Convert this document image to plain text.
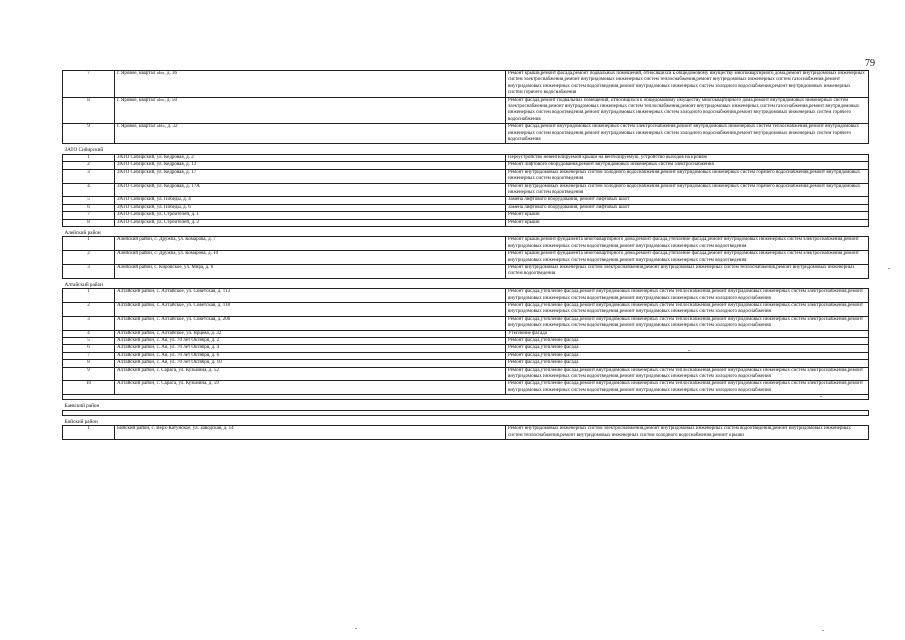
79
7	г. Яровое, квартал «Б», д. 36	Ремонт крыши,ремонт фасада,ремонт подвальных помещений, относящихся к общедомовому имуществу многоквартирного дома,ремонт внутридомовых инженерных систем электроснабжения,ремонт внутридомовых инженерных систем теплоснабжения,ремонт внутридомовых инженерных систем газоснабжения,ремонт внутридомовых инженерных систем водоотведения,ремонт внутридомовых инженерных систем холодного водоснабжения,ремонт внутридомовых инженерных систем горячего водоснабжения
8	г. Яровое, квартал «Б», д. 50	Ремонт фасада,ремонт подвальных помещений, относящихся к общедомовому имуществу многоквартирного дома,ремонт внутридомовых инженерных систем электроснабжения,ремонт внутридомовых инженерных систем теплоснабжения,ремонт внутридомовых инженерных систем газоснабжения,ремонт внутридомовых инженерных систем водоотведения,ремонт внутридомовых инженерных систем холодного водоснабжения,ремонт внутридомовых инженерных систем горячего водоснабжения
9	г. Яровое, квартал «В», д. 32	Ремонт фасада,ремонт внутридомовых инженерных систем электроснабжения,ремонт внутридомовых инженерных систем теплоснабжения,ремонт внутридомовых инженерных систем водоотведения,ремонт внутридомовых инженерных систем холодного водоснабжения,ремонт внутридомовых инженерных систем горячего водоснабжения
ЗАТО Сибирский		
1	ЗАТО Сибирский, ул. Кедровая, д. 2	Переустройство невентилируемой крыши на вентилируемую, устройство выходов на кровлю
2	ЗАТО Сибирский, ул. Кедровая, д. 13	Ремонт лифтового оборудования,ремонт внутридомовых инженерных систем электроснабжения
3	ЗАТО Сибирский, ул. Кедровая, д. 17	Ремонт внутридомовых инженерных систем холодного водоснабжения,ремонт внутридомовых инженерных систем горячего водоснабжения,ремонт внутридомовых инженерных систем водоотведения
4	ЗАТО Сибирский, ул. Кедровая, д. 17А	Ремонт внутридомовых инженерных систем холодного водоснабжения,ремонт внутридомовых инженерных систем горячего водоснабжения,ремонт внутридомовых инженерных систем водоотведения
5	ЗАТО Сибирский, ул. Победы, д. 4	Замена лифтового оборудования, ремонт лифтовых шахт
6	ЗАТО Сибирский, ул. Победы, д. 6	Замена лифтового оборудования, ремонт лифтовых шахт
7	ЗАТО Сибирский, ул. Строителей, д. 1	Ремонт крыши
8	ЗАТО Сибирский, ул. Строителей, д. 2	Ремонт крыши
Алейский район		
1	Алейский район, с. Дружба, ул. Комарова, д. 7	Ремонт крыши,ремонт фундамента многоквартирного дома,ремонт фасада,утепление фасада,ремонт внутридомовых инженерных систем электроснабжения,ремонт внутридомовых инженерных систем водоотведения,ремонт внутридомовых инженерных систем водоотведения
2	Алейский район, с. Дружба, ул. Комарова, д. 10	Ремонт крыши,ремонт фундамента многоквартирного дома,ремонт фасада,утепление фасада,ремонт внутридомовых инженерных систем электроснабжения,ремонт внутридомовых инженерных систем водоотведения,ремонт внутридомовых инженерных систем водоотведения
3	Алейский район, с. Кировское, ул. Мира, д. 6	Ремонт внутридомовых инженерных систем электроснабжения,ремонт внутридомовых инженерных систем теплоснабжения,ремонт внутридомовых инженерных систем водоотведения
Алтайский район		
1	Алтайский район, с. Алтайское, ул. Советская, д. 113	Ремонт фасада,утепление фасада,ремонт внутридомовых инженерных систем теплоснабжения,ремонт внутридомовых инженерных систем электроснабжения,ремонт внутридомовых инженерных систем водоотведения,ремонт внутридомовых инженерных систем холодного водоснабжения
2	Алтайский район, с. Алтайское, ул. Советская, д. 118	Ремонт фасада,утепление фасада,ремонт внутридомовых инженерных систем теплоснабжения,ремонт внутридомовых инженерных систем электроснабжения,ремонт внутридомовых инженерных систем водоотведения,ремонт внутридомовых инженерных систем холодного водоснабжения
3	Алтайский район, с. Алтайское, ул. Советская, д. 200	Ремонт фасада,утепление фасада,ремонт внутридомовых инженерных систем теплоснабжения,ремонт внутридомовых инженерных систем электроснабжения,ремонт внутридомовых инженерных систем водоотведения,ремонт внутридомовых инженерных систем холодного водоснабжения
4	Алтайский район, с. Алтайское, ул. Ярцева, д. 32	Утепление фасада
5	Алтайский район, с. Ая, ул. 70 лет Октября, д. 2	Ремонт фасада,утепление фасада
6	Алтайский район, с. Ая, ул. 70 лет Октября, д. 4	Ремонт фасада,утепление фасада
7	Алтайский район, с. Ая, ул. 70 лет Октября, д. 6	Ремонт фасада,утепление фасада
8	Алтайский район, с. Ая, ул. 70 лет Октября, д. 10	Ремонт фасада,утепление фасада
9	Алтайский район, с. Сараса, ул. Кузьмина, д. 52	Ремонт фасада,утепление фасада,ремонт внутридомовых инженерных систем теплоснабжения,ремонт внутридомовых инженерных систем электроснабжения,ремонт внутридомовых инженерных систем водоотведения,ремонт внутридомовых инженерных систем холодного водоснабжения
10	Алтайский район, с. Сараса, ул. Кузьмина, д. 59	Ремонт фасада,утепление фасада,ремонт внутридомовых инженерных систем теплоснабжения,ремонт внутридомовых инженерных систем электроснабжения,ремонт внутридомовых инженерных систем водоотведения,ремонт внутридомовых инженерных систем холодного водоснабжения

Баевский район		

Бийский район		
1	Бийский район, с. Верх-Катунское, ул. Заводская, д. 14	Ремонт внутридомовых инженерных систем электроснабжения,ремонт внутридомовых инженерных систем водоотведения,ремонт внутридомовых инженерных систем теплоснабжения,ремонт внутридомовых инженерных систем холодного водоснабжения,ремонт крыши
